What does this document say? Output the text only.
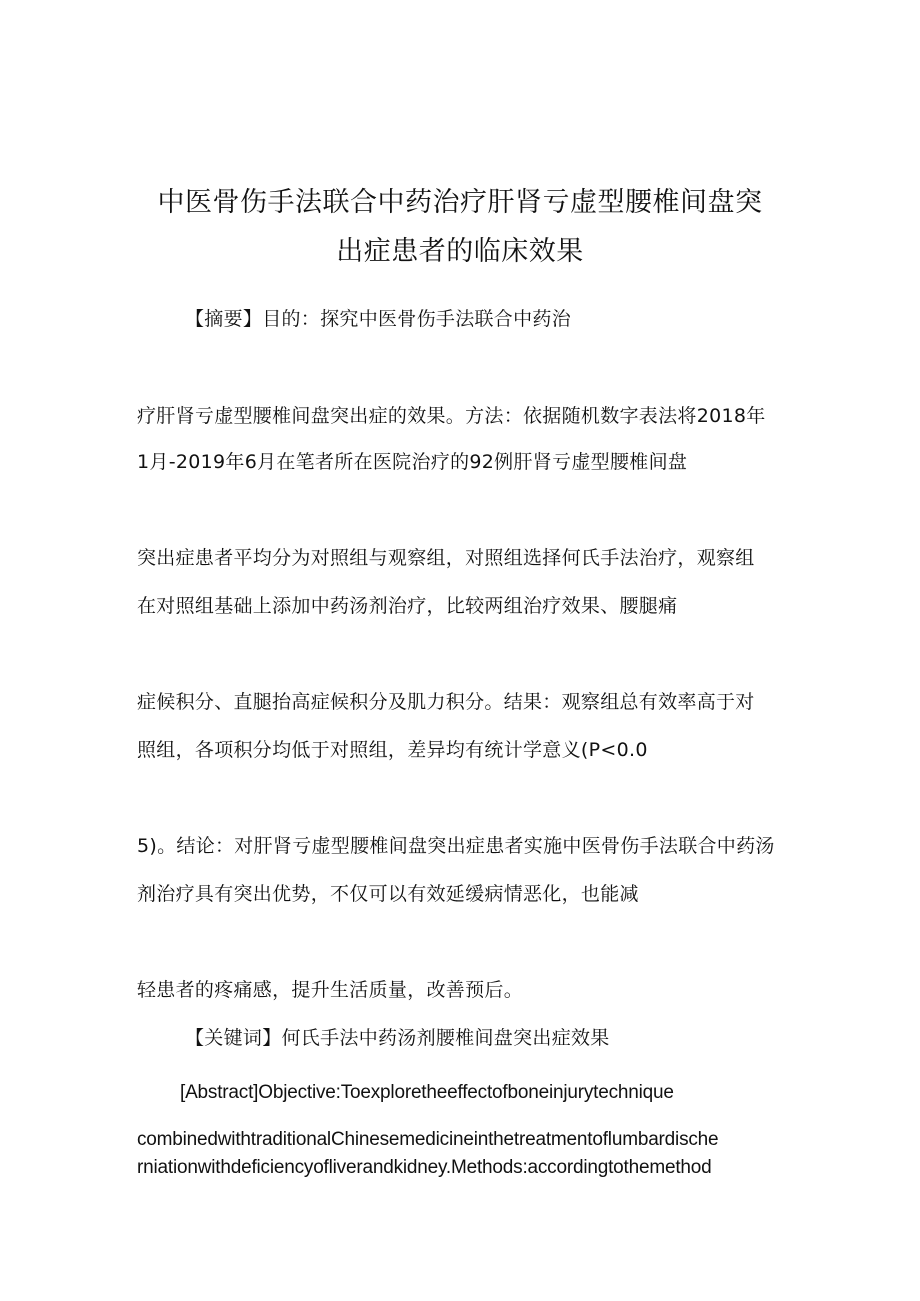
中医骨伤手法联合中药治疗肝肾亏虚型腰椎间盘突
出症患者的临床效果
【摘要】目的：探究中医骨伤手法联合中药治
疗肝肾亏虚型腰椎间盘突出症的效果。方法：依据随机数字表法将2018年
1月-2019年6月在笔者所在医院治疗的92例肝肾亏虚型腰椎间盘
突出症患者平均分为对照组与观察组，对照组选择何氏手法治疗，观察组
在对照组基础上添加中药汤剂治疗，比较两组治疗效果、腰腿痛
症候积分、直腿抬高症候积分及肌力积分。结果：观察组总有效率高于对
照组，各项积分均低于对照组，差异均有统计学意义(P<0.0
5)。结论：对肝肾亏虚型腰椎间盘突出症患者实施中医骨伤手法联合中药汤
剂治疗具有突出优势，不仅可以有效延缓病情恶化，也能减
轻患者的疼痛感，提升生活质量，改善预后。
【关键词】何氏手法中药汤剂腰椎间盘突出症效果
[Abstract]Objective:Toexploretheeffectofboneinjurytechnique
combinedwithtraditionalChinesemedicineinthetreatmentoflumbardische
rniationwithdeficiencyofliverandkidney.Methods:accordingtothemethod
